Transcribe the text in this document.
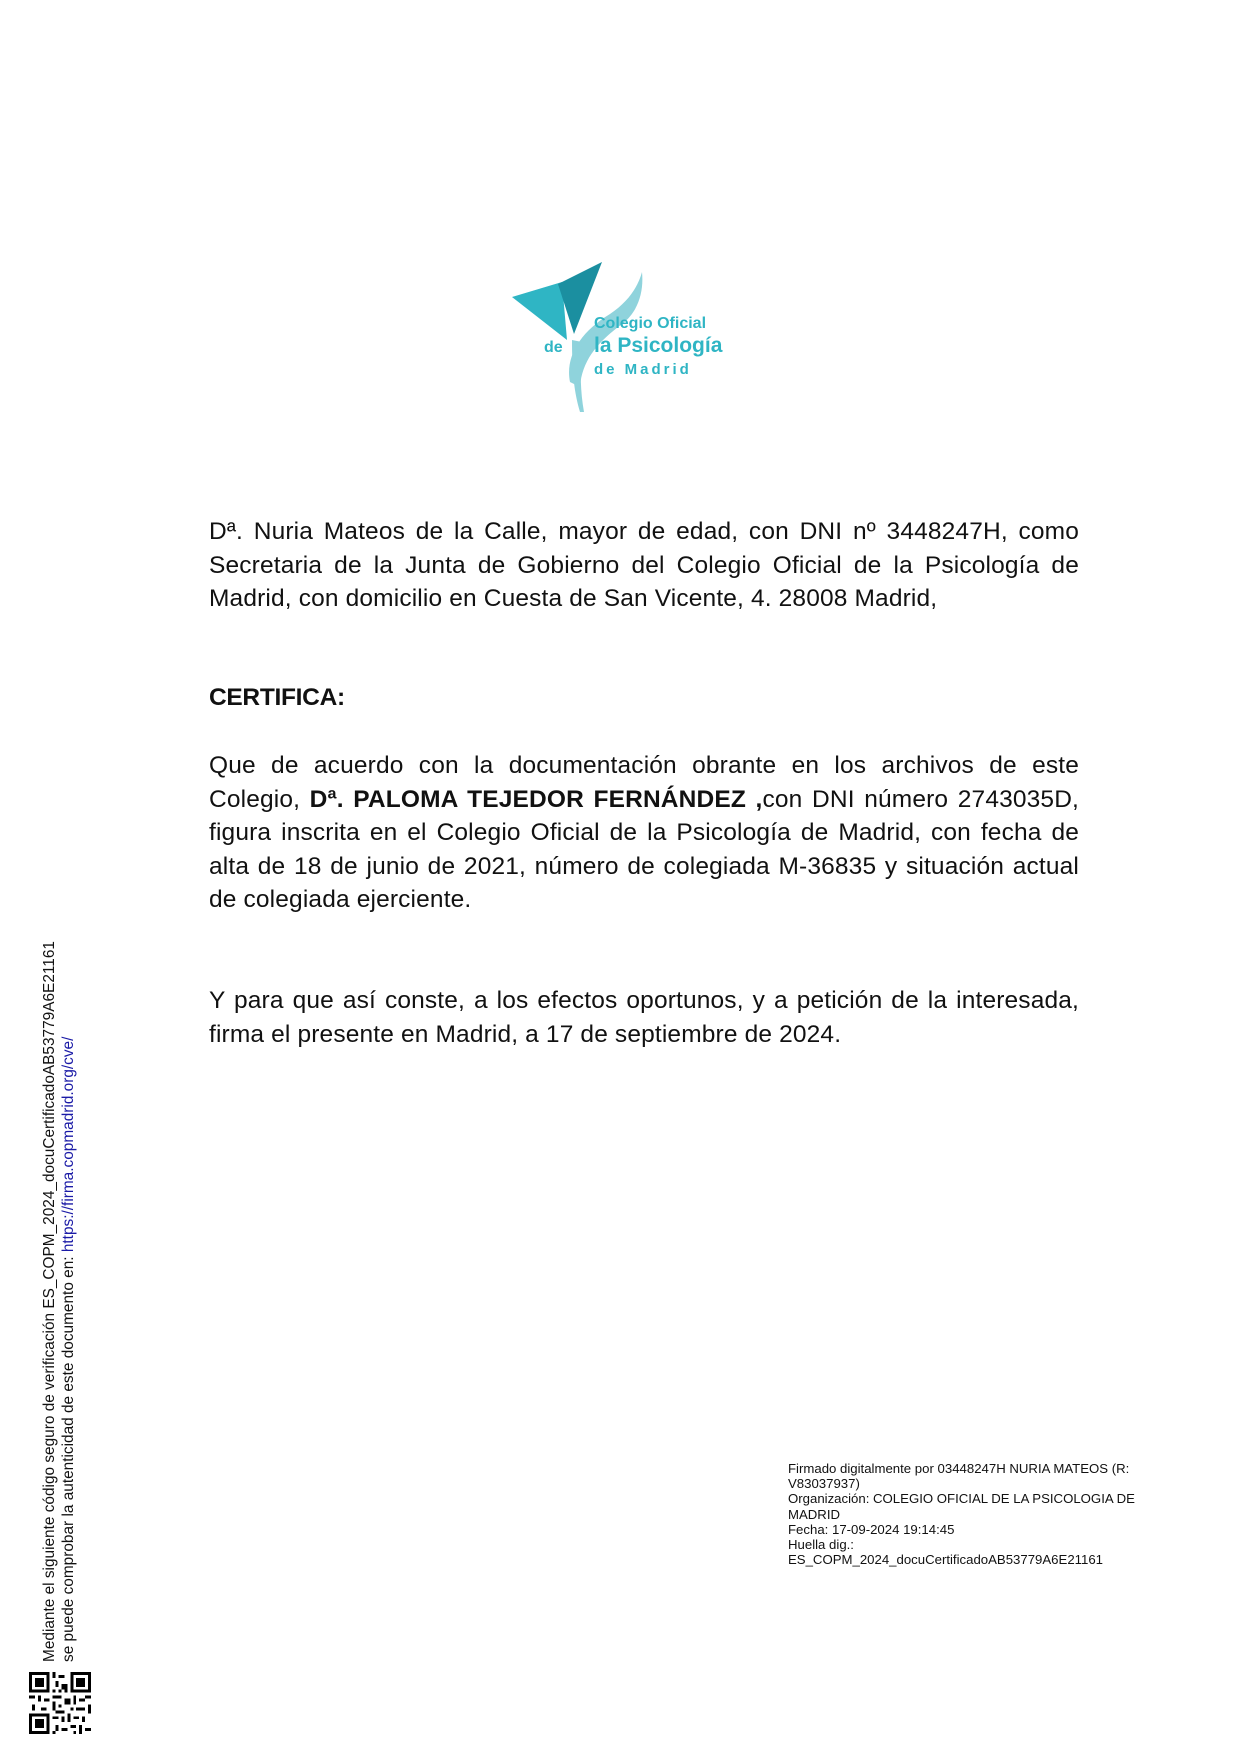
Colegio Oficial
de la Psicología
de Madrid
Dª. Nuria Mateos de la Calle, mayor de edad, con DNI nº 3448247H, como Secretaria de la Junta de Gobierno del Colegio Oficial de la Psicología de Madrid, con domicilio en Cuesta de San Vicente, 4. 28008 Madrid,
CERTIFICA:
Que de acuerdo con la documentación obrante en los archivos de este Colegio, Dª. PALOMA TEJEDOR FERNÁNDEZ ,con DNI número 2743035D, figura inscrita en el Colegio Oficial de la Psicología de Madrid, con fecha de alta de 18 de junio de 2021, número de colegiada M-36835 y situación actual de colegiada ejerciente.
Y para que así conste, a los efectos oportunos, y a petición de la interesada, firma el presente en Madrid, a 17 de septiembre de 2024.
Firmado digitalmente por 03448247H NURIA MATEOS (R: V83037937)
Organización: COLEGIO OFICIAL DE LA PSICOLOGIA DE MADRID
Fecha: 17-09-2024 19:14:45
Huella dig.:
ES_COPM_2024_docuCertificadoAB53779A6E21161
Mediante el siguiente código seguro de verificación ES_COPM_2024_docuCertificadoAB53779A6E21161 se puede comprobar la autenticidad de este documento en: https://firma.copmadrid.org/cve/
